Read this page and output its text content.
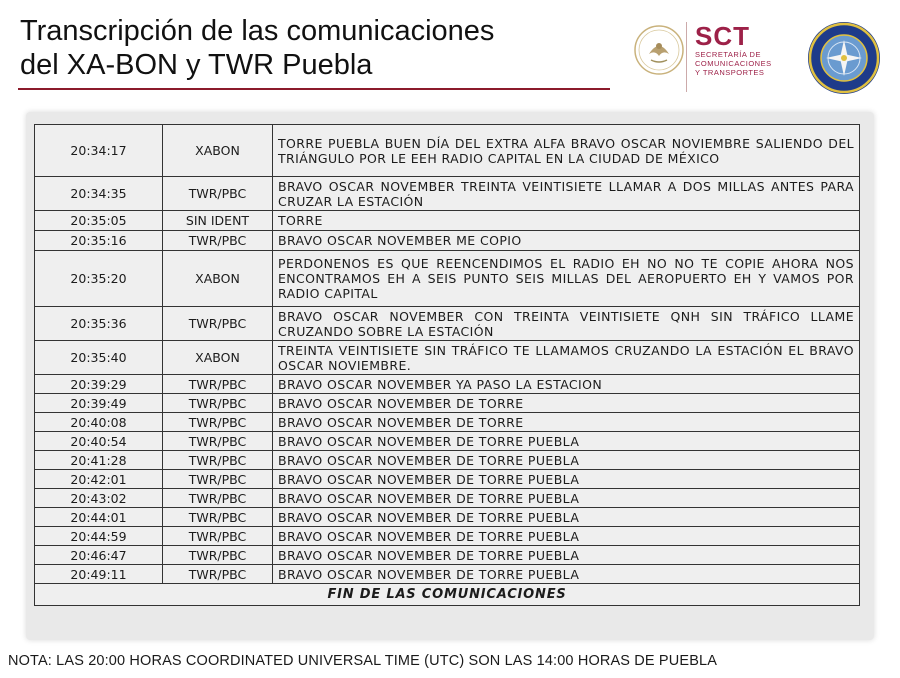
Transcripción de las comunicaciones
del XA-BON y TWR Puebla
SCT
SECRETARÍA DE
COMUNICACIONES
Y TRANSPORTES
20:34:17	XABON	TORRE PUEBLA BUEN DÍA DEL EXTRA ALFA BRAVO OSCAR NOVIEMBRE SALIENDO DEL TRIÁNGULO POR LE EEH RADIO CAPITAL EN LA CIUDAD DE MÉXICO
20:34:35	TWR/PBC	BRAVO OSCAR NOVEMBER TREINTA VEINTISIETE LLAMAR A DOS MILLAS ANTES PARA CRUZAR LA ESTACIÓN
20:35:05	SIN IDENT	TORRE
20:35:16	TWR/PBC	BRAVO OSCAR NOVEMBER ME COPIO
20:35:20	XABON	PERDONENOS ES QUE REENCENDIMOS EL RADIO EH NO NO TE COPIE AHORA NOS ENCONTRAMOS EH A SEIS PUNTO SEIS MILLAS DEL AEROPUERTO EH Y VAMOS POR RADIO CAPITAL
20:35:36	TWR/PBC	BRAVO OSCAR NOVEMBER CON TREINTA VEINTISIETE QNH SIN TRÁFICO LLAME CRUZANDO SOBRE LA ESTACIÓN
20:35:40	XABON	TREINTA VEINTISIETE SIN TRÁFICO TE LLAMAMOS CRUZANDO LA ESTACIÓN EL BRAVO OSCAR NOVIEMBRE.
20:39:29	TWR/PBC	BRAVO OSCAR NOVEMBER YA PASO LA ESTACION
20:39:49	TWR/PBC	BRAVO OSCAR NOVEMBER DE TORRE
20:40:08	TWR/PBC	BRAVO OSCAR NOVEMBER DE TORRE
20:40:54	TWR/PBC	BRAVO OSCAR NOVEMBER DE TORRE PUEBLA
20:41:28	TWR/PBC	BRAVO OSCAR NOVEMBER DE TORRE PUEBLA
20:42:01	TWR/PBC	BRAVO OSCAR NOVEMBER DE TORRE PUEBLA
20:43:02	TWR/PBC	BRAVO OSCAR NOVEMBER DE TORRE PUEBLA
20:44:01	TWR/PBC	BRAVO OSCAR NOVEMBER DE TORRE PUEBLA
20:44:59	TWR/PBC	BRAVO OSCAR NOVEMBER DE TORRE PUEBLA
20:46:47	TWR/PBC	BRAVO OSCAR NOVEMBER DE TORRE PUEBLA
20:49:11	TWR/PBC	BRAVO OSCAR NOVEMBER DE TORRE PUEBLA
FIN DE LAS COMUNICACIONES		
NOTA: LAS 20:00 HORAS COORDINATED UNIVERSAL TIME (UTC) SON LAS 14:00 HORAS DE PUEBLA
